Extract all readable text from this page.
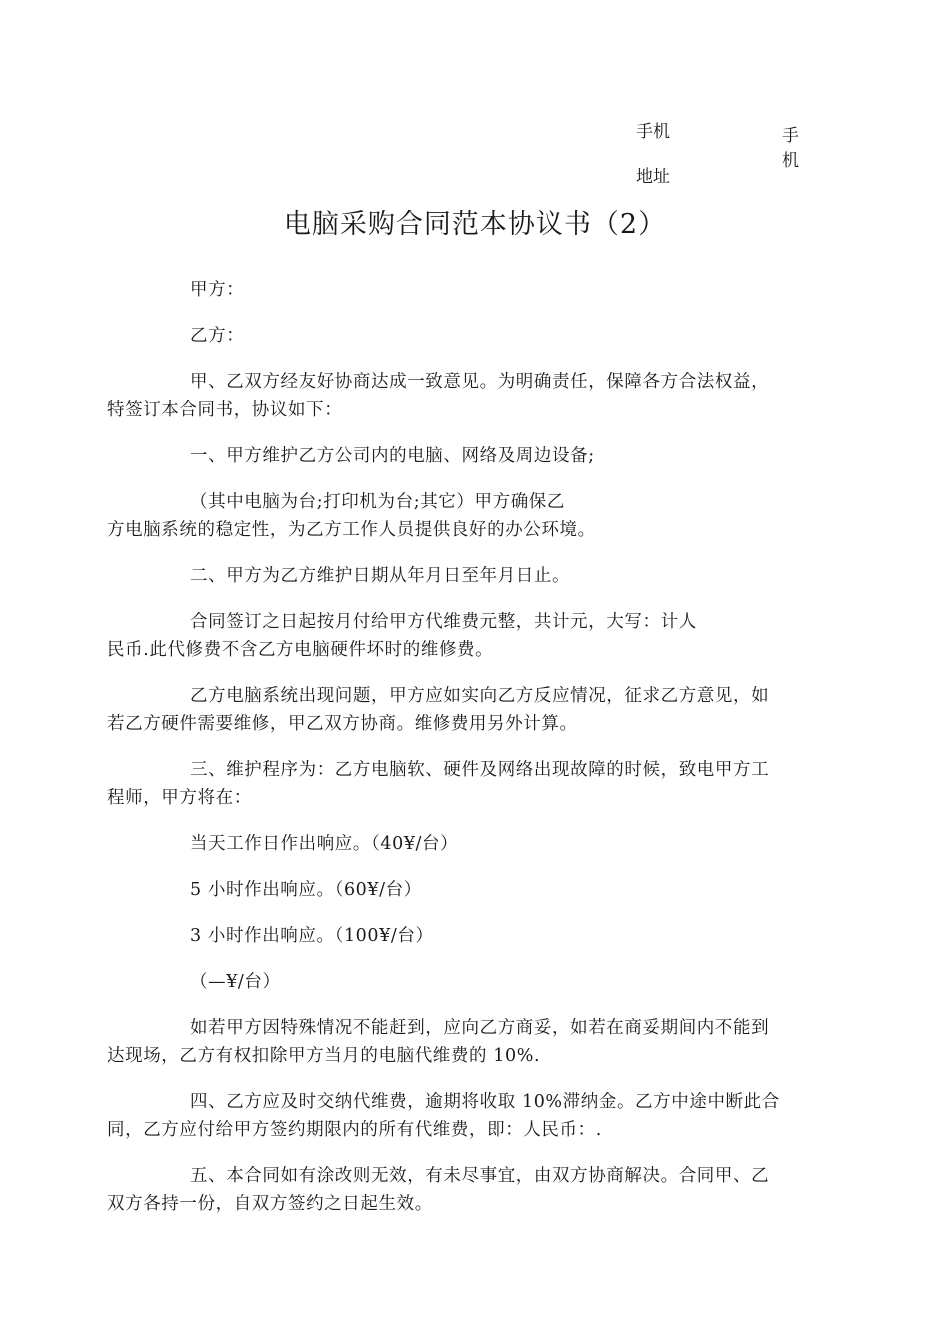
手机
地址
手机
电脑采购合同范本协议书（2）
甲方：
乙方：
甲、乙双方经友好协商达成一致意见。为明确责任，保障各方合法权益，
特签订本合同书，协议如下：
一、甲方维护乙方公司内的电脑、网络及周边设备;
（其中电脑为台;打印机为台;其它）甲方确保乙
方电脑系统的稳定性，为乙方工作人员提供良好的办公环境。
二、甲方为乙方维护日期从年月日至年月日止。
合同签订之日起按月付给甲方代维费元整，共计元，大写：计人
民币.此代修费不含乙方电脑硬件坏时的维修费。
乙方电脑系统出现问题，甲方应如实向乙方反应情况，征求乙方意见，如
若乙方硬件需要维修，甲乙双方协商。维修费用另外计算。
三、维护程序为：乙方电脑软、硬件及网络出现故障的时候，致电甲方工
程师，甲方将在：
当天工作日作出响应。（40¥/台）
5 小时作出响应。（60¥/台）
3 小时作出响应。（100¥/台）
（—¥/台）
如若甲方因特殊情况不能赶到，应向乙方商妥，如若在商妥期间内不能到
达现场，乙方有权扣除甲方当月的电脑代维费的 10%.
四、乙方应及时交纳代维费，逾期将收取 10%滞纳金。乙方中途中断此合
同，乙方应付给甲方签约期限内的所有代维费，即：人民币：.
五、本合同如有涂改则无效，有未尽事宜，由双方协商解决。合同甲、乙
双方各持一份，自双方签约之日起生效。
